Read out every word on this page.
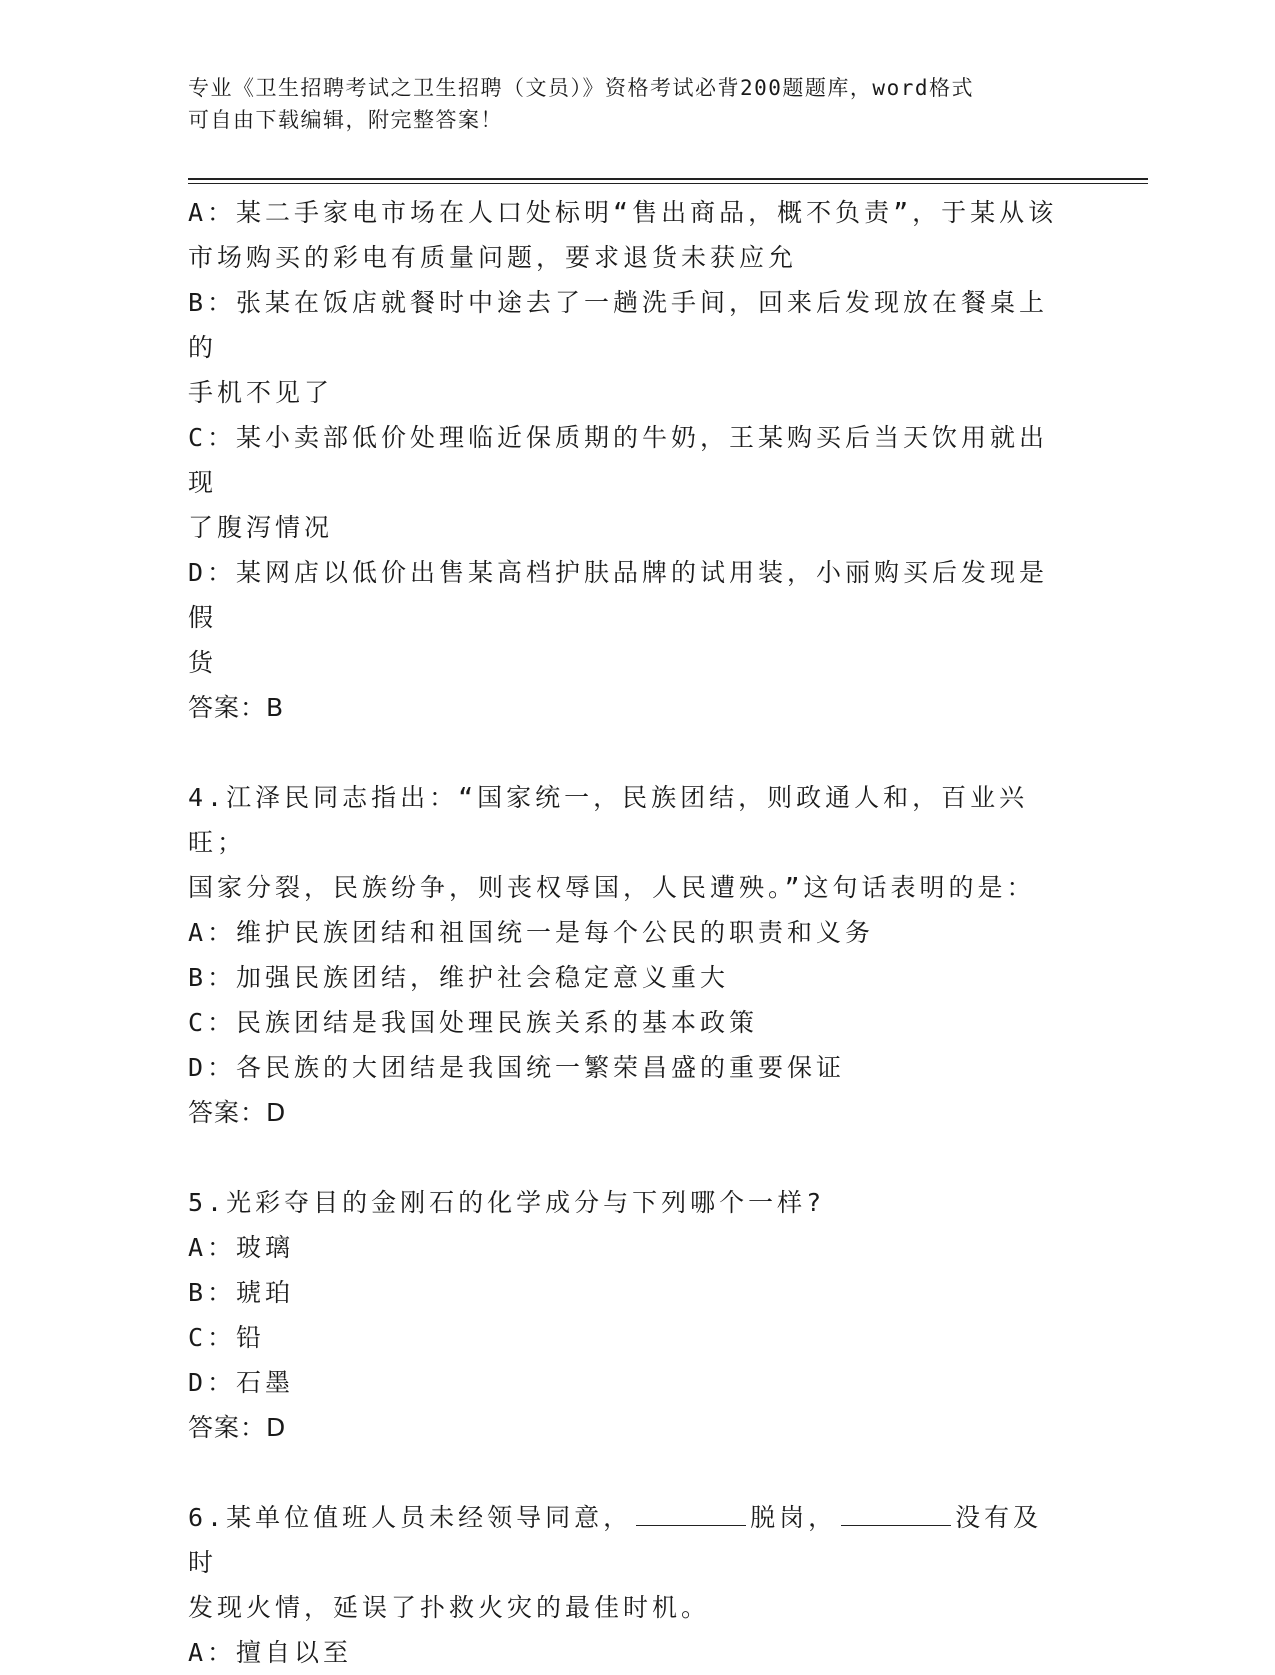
专业《卫生招聘考试之卫生招聘（文员）》资格考试必背200题题库，word格式
可自由下载编辑，附完整答案！
A：某二手家电市场在人口处标明“售出商品，概不负责”，于某从该
市场购买的彩电有质量问题，要求退货未获应允
B：张某在饭店就餐时中途去了一趟洗手间，回来后发现放在餐桌上的
手机不见了
C：某小卖部低价处理临近保质期的牛奶，王某购买后当天饮用就出现
了腹泻情况
D：某网店以低价出售某高档护肤品牌的试用装，小丽购买后发现是假
货
答案：B
4.江泽民同志指出：“国家统一，民族团结，则政通人和，百业兴旺；
国家分裂，民族纷争，则丧权辱国，人民遭殃。”这句话表明的是：
A：维护民族团结和祖国统一是每个公民的职责和义务
B：加强民族团结，维护社会稳定意义重大
C：民族团结是我国处理民族关系的基本政策
D：各民族的大团结是我国统一繁荣昌盛的重要保证
答案：D
5.光彩夺目的金刚石的化学成分与下列哪个一样?
A：玻璃
B：琥珀
C：铅
D：石墨
答案：D
6.某单位值班人员未经领导同意，	脱岗，	没有及时
发现火情，延误了扑救火灾的最佳时机。
A：擅自以至
